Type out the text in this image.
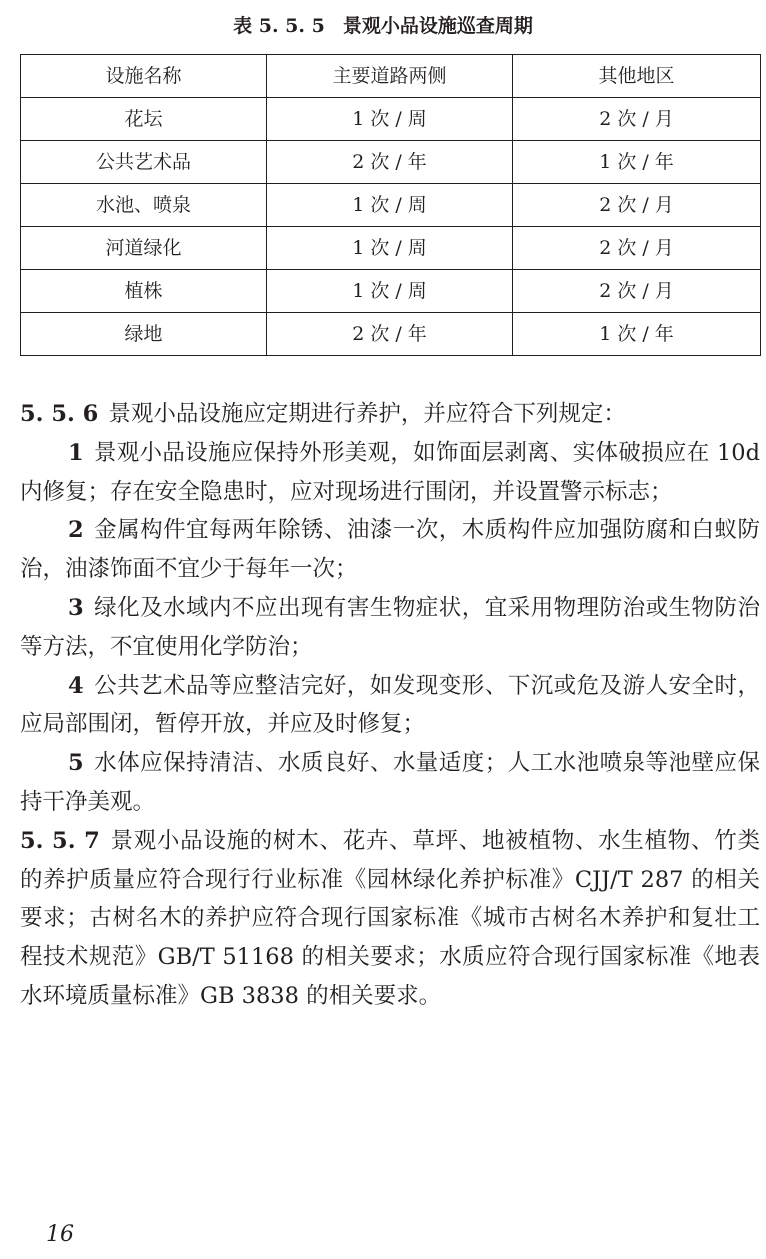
表 5. 5. 5 景观小品设施巡查周期
设施名称	主要道路两侧	其他地区
花坛	1 次 / 周	2 次 / 月
公共艺术品	2 次 / 年	1 次 / 年
水池、喷泉	1 次 / 周	2 次 / 月
河道绿化	1 次 / 周	2 次 / 月
植株	1 次 / 周	2 次 / 月
绿地	2 次 / 年	1 次 / 年

5. 5. 6 景观小品设施应定期进行养护，并应符合下列规定：

1 景观小品设施应保持外形美观，如饰面层剥离、实体破损应在 10d 内修复；存在安全隐患时，应对现场进行围闭，并设置警示标志；

2 金属构件宜每两年除锈、油漆一次，木质构件应加强防腐和白蚁防治，油漆饰面不宜少于每年一次；

3 绿化及水域内不应出现有害生物症状，宜采用物理防治或生物防治等方法，不宜使用化学防治；

4 公共艺术品等应整洁完好，如发现变形、下沉或危及游人安全时，应局部围闭，暂停开放，并应及时修复；

5 水体应保持清洁、水质良好、水量适度；人工水池喷泉等池壁应保持干净美观。

5. 5. 7 景观小品设施的树木、花卉、草坪、地被植物、水生植物、竹类的养护质量应符合现行行业标准《园林绿化养护标准》CJJ/T 287 的相关要求；古树名木的养护应符合现行国家标准《城市古树名木养护和复壮工程技术规范》GB/T 51168 的相关要求；水质应符合现行国家标准《地表水环境质量标准》GB 3838 的相关要求。

16
